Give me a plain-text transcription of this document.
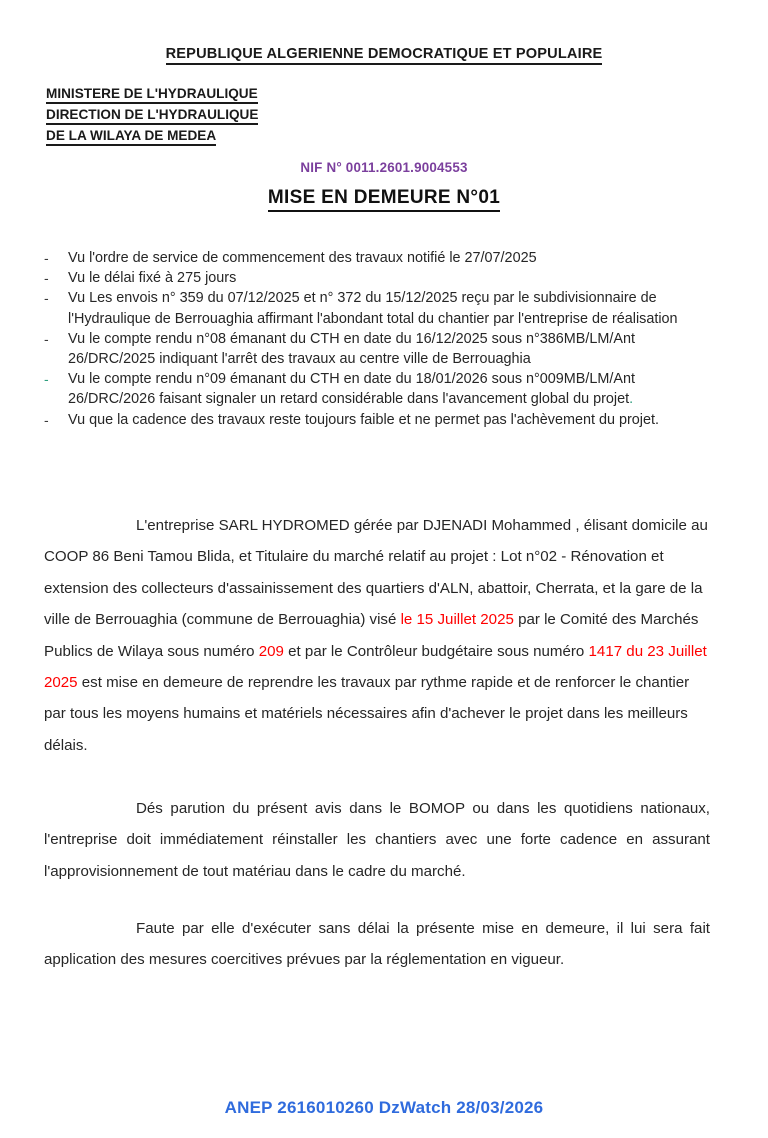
REPUBLIQUE ALGERIENNE DEMOCRATIQUE ET POPULAIRE
MINISTERE DE L'HYDRAULIQUE
DIRECTION DE L'HYDRAULIQUE
DE LA WILAYA DE MEDEA
NIF N° 0011.2601.9004553
MISE EN DEMEURE N°01
-	Vu l'ordre de service de commencement des travaux notifié le 27/07/2025
-	Vu le délai fixé à 275 jours
-	Vu Les envois n° 359 du 07/12/2025 et n° 372 du 15/12/2025 reçu par le subdivisionnaire de l'Hydraulique de Berrouaghia affirmant l'abondant total du chantier par l'entreprise de réalisation
-	Vu le compte rendu n°08 émanant du CTH en date du 16/12/2025 sous n°386MB/LM/Ant 26/DRC/2025 indiquant l'arrêt des travaux au centre ville de Berrouaghia
-	Vu le compte rendu n°09 émanant du CTH en date du 18/01/2026 sous n°009MB/LM/Ant 26/DRC/2026 faisant signaler un retard considérable dans l'avancement global du projet.
-	Vu que la cadence des travaux reste toujours faible et ne permet pas l'achèvement du projet.

L'entreprise SARL HYDROMED gérée par DJENADI Mohammed , élisant domicile au COOP 86 Beni Tamou Blida, et Titulaire du marché relatif au projet : Lot n°02 - Rénovation et extension des collecteurs d'assainissement des quartiers d'ALN, abattoir, Cherrata, et la gare de la ville de Berrouaghia (commune de Berrouaghia) visé le 15 Juillet 2025 par le Comité des Marchés Publics de Wilaya sous numéro 209 et par le Contrôleur budgétaire sous numéro 1417 du 23 Juillet 2025 est mise en demeure de reprendre les travaux par rythme rapide et de renforcer le chantier par tous les moyens humains et matériels nécessaires afin d'achever le projet dans les meilleurs délais.

Dés parution du présent avis dans le BOMOP ou dans les quotidiens nationaux, l'entreprise doit immédiatement réinstaller les chantiers avec une forte cadence en assurant l'approvisionnement de tout matériau dans le cadre du marché.

Faute par elle d'exécuter sans délai la présente mise en demeure, il lui sera fait application des mesures coercitives prévues par la réglementation en vigueur.

ANEP 2616010260 DzWatch 28/03/2026
